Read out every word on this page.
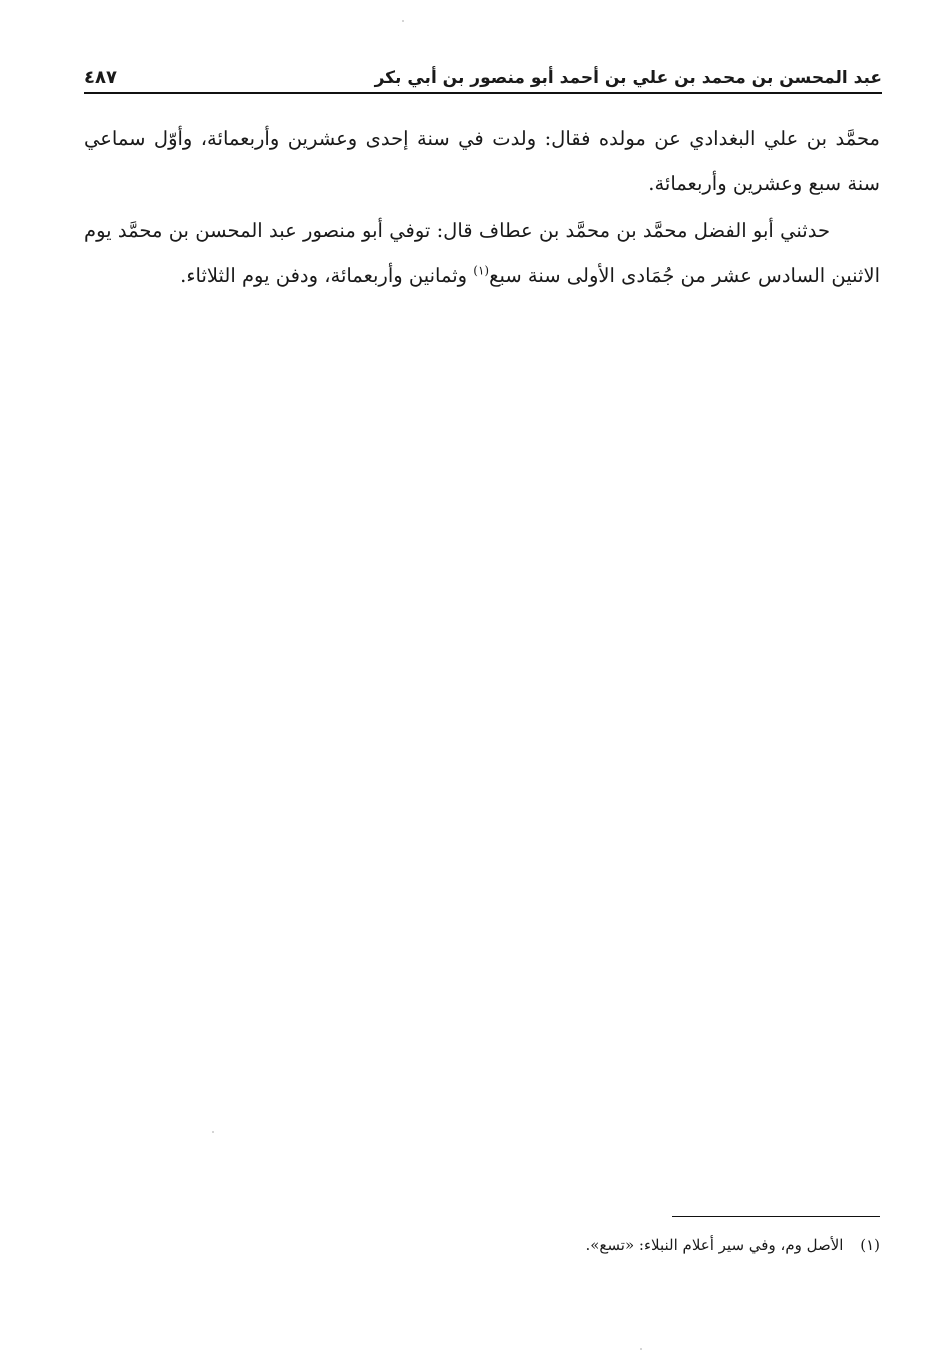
٤٨٧	عبد المحسن بن محمد بن علي بن أحمد أبو منصور بن أبي بكر

محمَّد بن علي البغدادي عن مولده فقال: ولدت في سنة إحدى وعشرين وأربعمائة، وأوّل سماعي سنة سبع وعشرين وأربعمائة.

حدثني أبو الفضل محمَّد بن محمَّد بن عطاف قال: توفي أبو منصور عبد المحسن بن محمَّد يوم الاثنين السادس عشر من جُمَادى الأولى سنة سبع$^{(١)}$ وثمانين وأربعمائة، ودفن يوم الثلاثاء.

(١) الأصل وم، وفي سير أعلام النبلاء: «تسع».
